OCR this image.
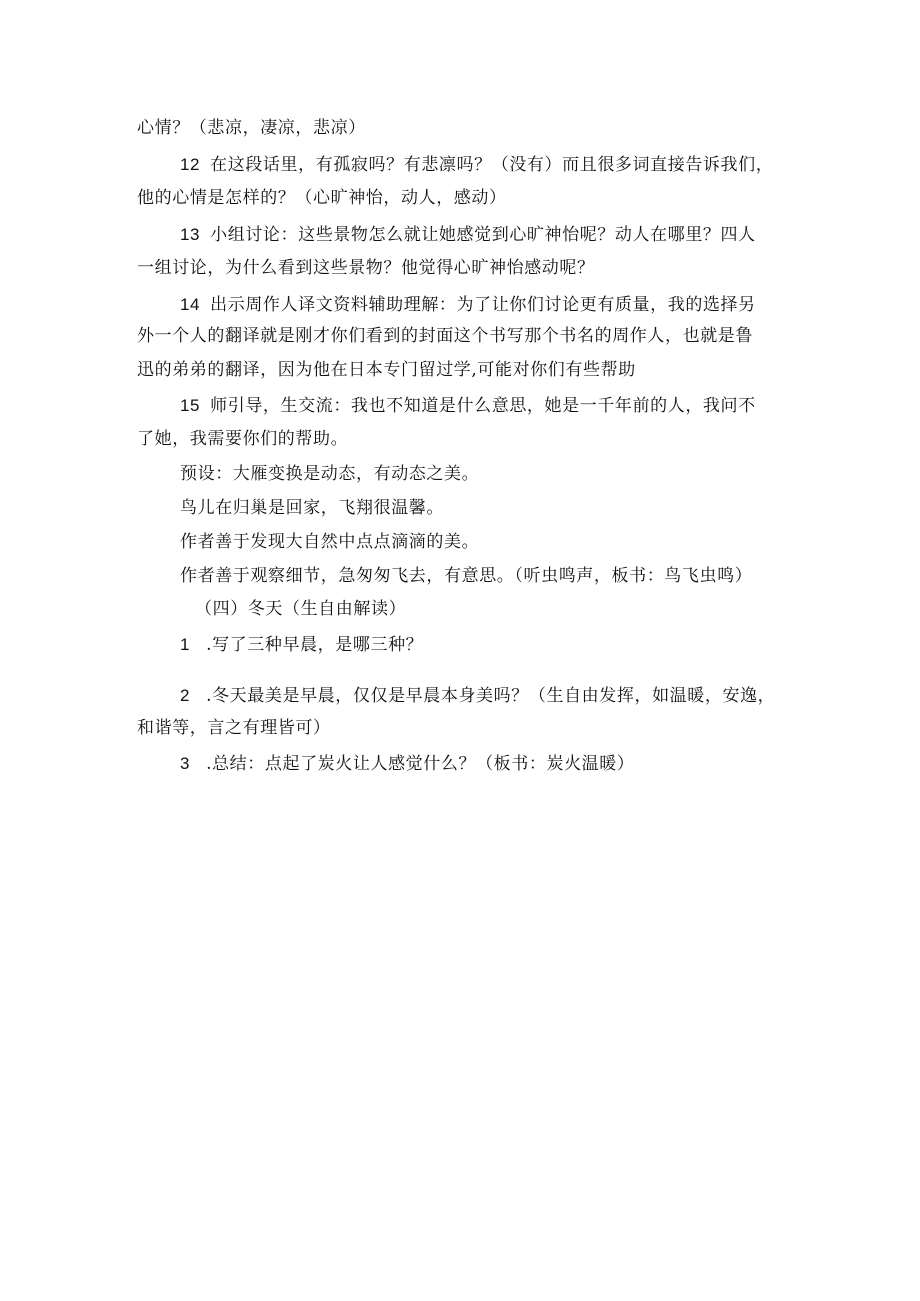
心情？（悲凉，凄凉，悲凉）
12 在这段话里，有孤寂吗？有悲凛吗？（没有）而且很多词直接告诉我们，
他的心情是怎样的？（心旷神怡，动人，感动）
13 小组讨论：这些景物怎么就让她感觉到心旷神怡呢？动人在哪里？四人
一组讨论，为什么看到这些景物？他觉得心旷神怡感动呢？
14 出示周作人译文资料辅助理解：为了让你们讨论更有质量，我的选择另
外一个人的翻译就是刚才你们看到的封面这个书写那个书名的周作人，也就是鲁
迅的弟弟的翻译，因为他在日本专门留过学,可能对你们有些帮助
15 师引导，生交流：我也不知道是什么意思，她是一千年前的人，我问不
了她，我需要你们的帮助。
预设：大雁变换是动态，有动态之美。
鸟儿在归巢是回家，飞翔很温馨。
作者善于发现大自然中点点滴滴的美。
作者善于观察细节，急匆匆飞去，有意思。（听虫鸣声，板书：鸟飞虫鸣）
（四）冬天（生自由解读）
1 .写了三种早晨，是哪三种？
2 .冬天最美是早晨，仅仅是早晨本身美吗？（生自由发挥，如温暖，安逸，
和谐等，言之有理皆可）
3 .总结：点起了炭火让人感觉什么？（板书：炭火温暖）
